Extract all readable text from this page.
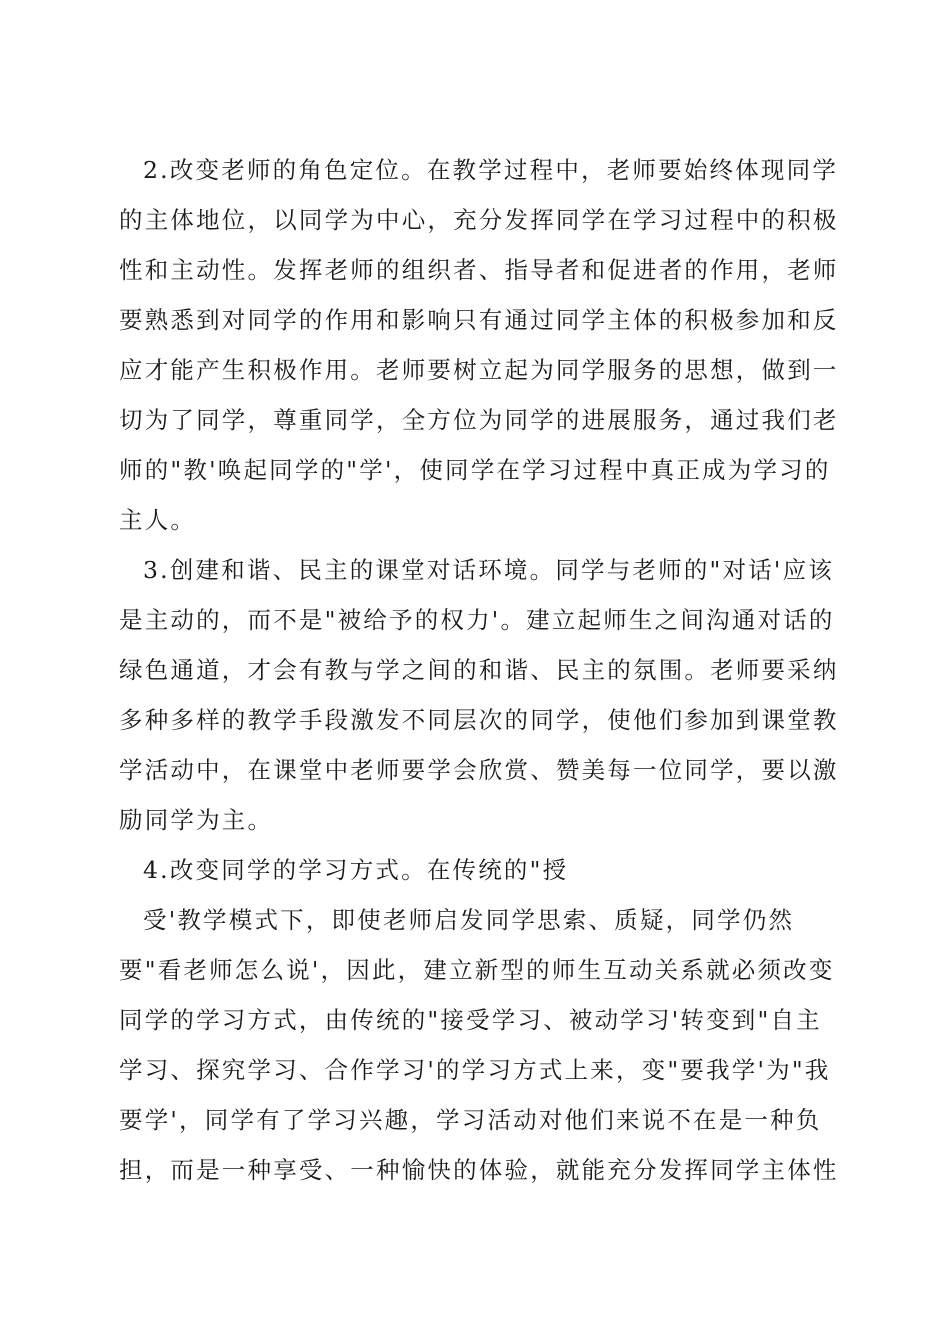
2.改变老师的角色定位。在教学过程中，老师要始终体现同学
的主体地位，以同学为中心，充分发挥同学在学习过程中的积极
性和主动性。发挥老师的组织者、指导者和促进者的作用，老师
要熟悉到对同学的作用和影响只有通过同学主体的积极参加和反
应才能产生积极作用。老师要树立起为同学服务的思想，做到一
切为了同学，尊重同学，全方位为同学的进展服务，通过我们老
师的"教'唤起同学的"学'，使同学在学习过程中真正成为学习的
主人。
3.创建和谐、民主的课堂对话环境。同学与老师的"对话'应该
是主动的，而不是"被给予的权力'。建立起师生之间沟通对话的
绿色通道，才会有教与学之间的和谐、民主的氛围。老师要采纳
多种多样的教学手段激发不同层次的同学，使他们参加到课堂教
学活动中，在课堂中老师要学会欣赏、赞美每一位同学，要以激
励同学为主。
4.改变同学的学习方式。在传统的"授
受'教学模式下，即使老师启发同学思索、质疑，同学仍然
要"看老师怎么说'，因此，建立新型的师生互动关系就必须改变
同学的学习方式，由传统的"接受学习、被动学习'转变到"自主
学习、探究学习、合作学习'的学习方式上来，变"要我学'为"我
要学'，同学有了学习兴趣，学习活动对他们来说不在是一种负
担，而是一种享受、一种愉快的体验，就能充分发挥同学主体性
